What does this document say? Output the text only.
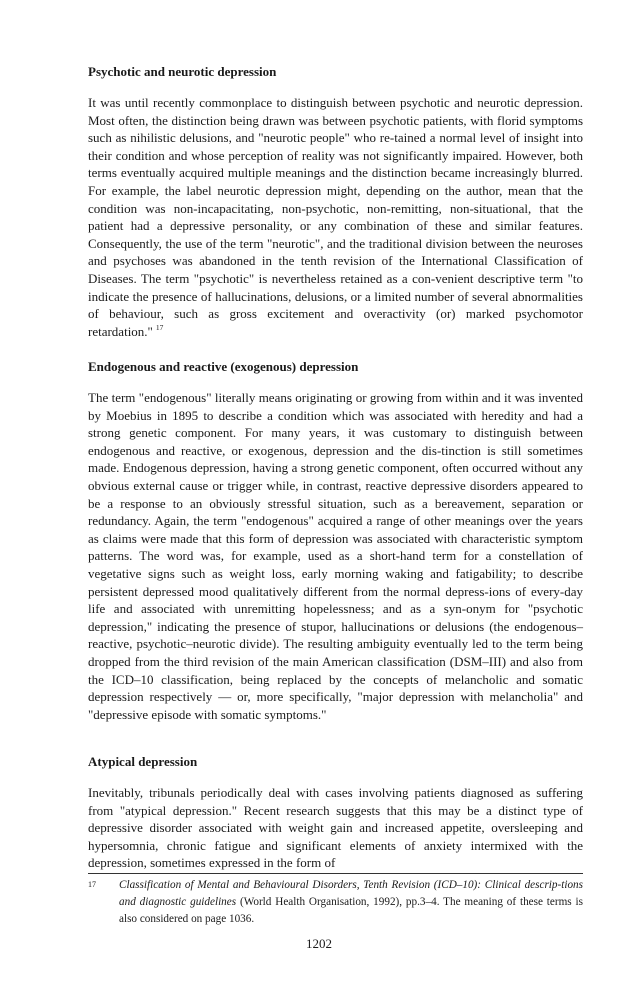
Psychotic and neurotic depression
It was until recently commonplace to distinguish between psychotic and neurotic depression. Most often, the distinction being drawn was between psychotic patients, with florid symptoms such as nihilistic delusions, and "neurotic people" who re-tained a normal level of insight into their condition and whose perception of reality was not significantly impaired. However, both terms eventually acquired multiple meanings and the distinction became increasingly blurred. For example, the label neurotic depression might, depending on the author, mean that the condition was non-incapacitating, non-psychotic, non-remitting, non-situational, that the patient had a depressive personality, or any combination of these and similar features. Consequently, the use of the term "neurotic", and the traditional division between the neuroses and psychoses was abandoned in the tenth revision of the International Classification of Diseases. The term "psychotic" is nevertheless retained as a con-venient descriptive term "to indicate the presence of hallucinations, delusions, or a limited number of several abnormalities of behaviour, such as gross excitement and overactivity (or) marked psychomotor retardation." $^{17}$
Endogenous and reactive (exogenous) depression
The term "endogenous" literally means originating or growing from within and it was invented by Moebius in 1895 to describe a condition which was associated with heredity and had a strong genetic component. For many years, it was customary to distinguish between endogenous and reactive, or exogenous, depression and the dis-tinction is still sometimes made. Endogenous depression, having a strong genetic component, often occurred without any obvious external cause or trigger while, in contrast, reactive depressive disorders appeared to be a response to an obviously stressful situation, such as a bereavement, separation or redundancy. Again, the term "endogenous" acquired a range of other meanings over the years as claims were made that this form of depression was associated with characteristic symptom patterns. The word was, for example, used as a short-hand term for a constellation of vegetative signs such as weight loss, early morning waking and fatigability; to describe persistent depressed mood qualitatively different from the normal depress-ions of every-day life and associated with unremitting hopelessness; and as a syn-onym for "psychotic depression," indicating the presence of stupor, hallucinations or delusions (the endogenous–reactive, psychotic–neurotic divide). The resulting ambiguity eventually led to the term being dropped from the third revision of the main American classification (DSM–III) and also from the ICD–10 classification, being replaced by the concepts of melancholic and somatic depression respectively — or, more specifically, "major depression with melancholia" and "depressive episode with somatic symptoms."
Atypical depression
Inevitably, tribunals periodically deal with cases involving patients diagnosed as suffering from "atypical depression." Recent research suggests that this may be a distinct type of depressive disorder associated with weight gain and increased appetite, oversleeping and hypersomnia, chronic fatigue and significant elements of anxiety intermixed with the depression, sometimes expressed in the form of
17 Classification of Mental and Behavioural Disorders, Tenth Revision (ICD–10): Clinical descrip-tions and diagnostic guidelines (World Health Organisation, 1992), pp.3–4. The meaning of these terms is also considered on page 1036.
1202
